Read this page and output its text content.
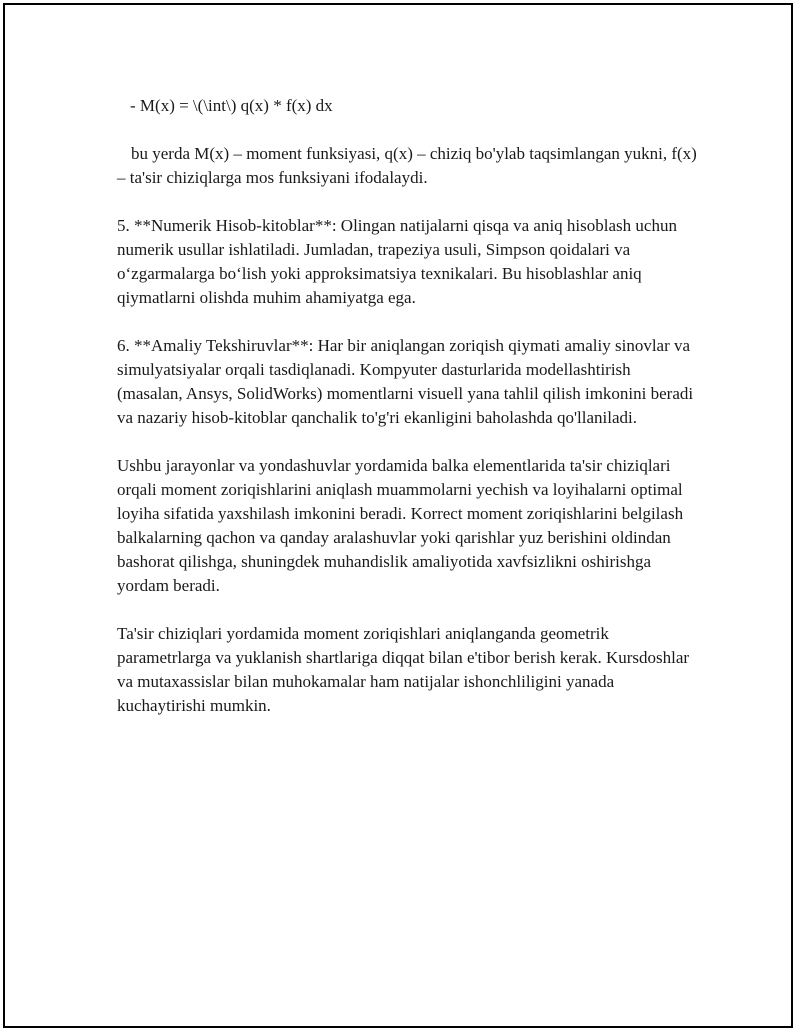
- M(x) = \(\int\) q(x) * f(x) dx

bu yerda M(x) – moment funksiyasi, q(x) – chiziq bo'ylab taqsimlangan yukni, f(x) – ta'sir chiziqlarga mos funksiyani ifodalaydi.

5. **Numerik Hisob-kitoblar**: Olingan natijalarni qisqa va aniq hisoblash uchun numerik usullar ishlatiladi. Jumladan, trapeziya usuli, Simpson qoidalari va o‘zgarmalarga bo‘lish yoki approksimatsiya texnikalari. Bu hisoblashlar aniq qiymatlarni olishda muhim ahamiyatga ega.

6. **Amaliy Tekshiruvlar**: Har bir aniqlangan zoriqish qiymati amaliy sinovlar va simulyatsiyalar orqali tasdiqlanadi. Kompyuter dasturlarida modellashtirish (masalan, Ansys, SolidWorks) momentlarni visuell yana tahlil qilish imkonini beradi va nazariy hisob-kitoblar qanchalik to'g'ri ekanligini baholashda qo'llaniladi.

Ushbu jarayonlar va yondashuvlar yordamida balka elementlarida ta'sir chiziqlari orqali moment zoriqishlarini aniqlash muammolarni yechish va loyihalarni optimal loyiha sifatida yaxshilash imkonini beradi. Korrect moment zoriqishlarini belgilash balkalarning qachon va qanday aralashuvlar yoki qarishlar yuz berishini oldindan bashorat qilishga, shuningdek muhandislik amaliyotida xavfsizlikni oshirishga yordam beradi.

Ta'sir chiziqlari yordamida moment zoriqishlari aniqlanganda geometrik parametrlarga va yuklanish shartlariga diqqat bilan e'tibor berish kerak. Kursdoshlar va mutaxassislar bilan muhokamalar ham natijalar ishonchliligini yanada kuchaytirishi mumkin.
